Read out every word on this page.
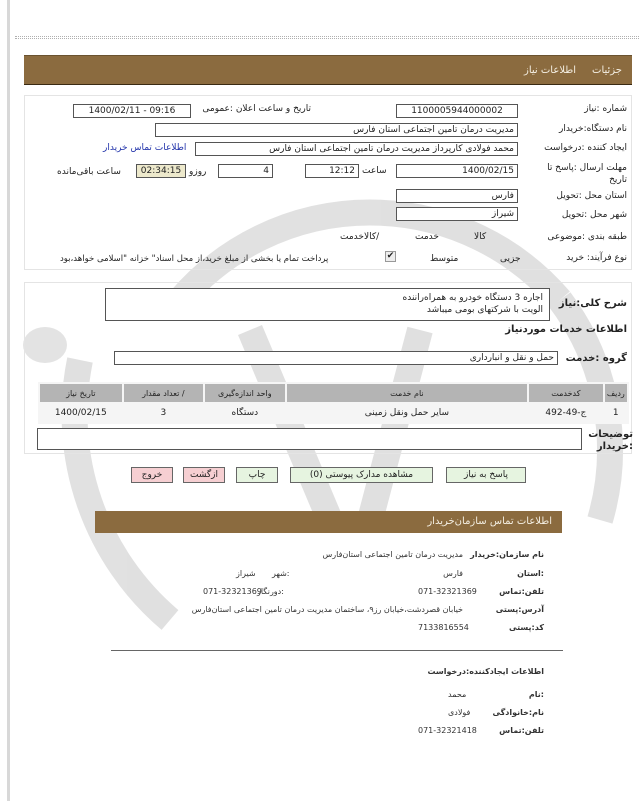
جزئیات
اطلاعات نیاز
شماره :نیاز
1100005944000002
تاریخ و ساعت اعلان :عمومی
1400/02/11 - 09:16
نام دستگاه:خریدار
مدیریت درمان تامین اجتماعی استان فارس
ایجاد کننده :درخواست
محمد فولادی کارپرداز مدیریت درمان تامین اجتماعی استان فارس
اطلاعات تماس خریدار
مهلت ارسال :پاسخ تا تاریخ
1400/02/15
ساعت
12:12
4
روزو
02:34:15
ساعت باقی‌مانده
استان محل :تحویل
فارس
شهر محل :تحویل
شیراز
طبقه بندی :موضوعی

کالا

خدمت

/کالاخدمت
نوع فرآیند: خرید

جزیی
متوسط
✔
پرداخت تمام یا بخشی از مبلغ خرید،از محل اسناد" خزانه "اسلامی خواهد،بود
شرح کلی:نیاز
اجاره 3 دستگاه خودرو به همراه‌راننده
الویت با شرکتهای بومی میباشد
اطلاعات خدمات موردنیاز
گروه :خدمت
حمل و نقل و انبارداری
ردیف	کدخدمت	نام خدمت	واحد اندازه‌گیری	/ تعداد مقدار	تاریخ نیاز
1	ج-49-492	سایر حمل ونقل زمینی	دستگاه	3	1400/02/15
توضیحات
:خریدار
پاسخ به نیاز
مشاهده مدارک پیوستی (0)
چاپ
ازگشت
خروج
اطلاعات تماس سازمان‌خریدار
نام سازمان:خریدار
مدیریت درمان تامین اجتماعی استان‌فارس
:استان
فارس
:شهر
شیراز
تلفن:تماس
071-32321369
:دورنگار
071-32321369
آدرس:پستی
خیابان قصردشت،خیابان رز۹، ساختمان مدیریت درمان تامین اجتماعی استان‌فارس
کد:پستی
7133816554
اطلاعات ایجادکننده:درخواست
:نام
محمد
نام:خانوادگی
فولادی
تلفن:تماس
071-32321418
